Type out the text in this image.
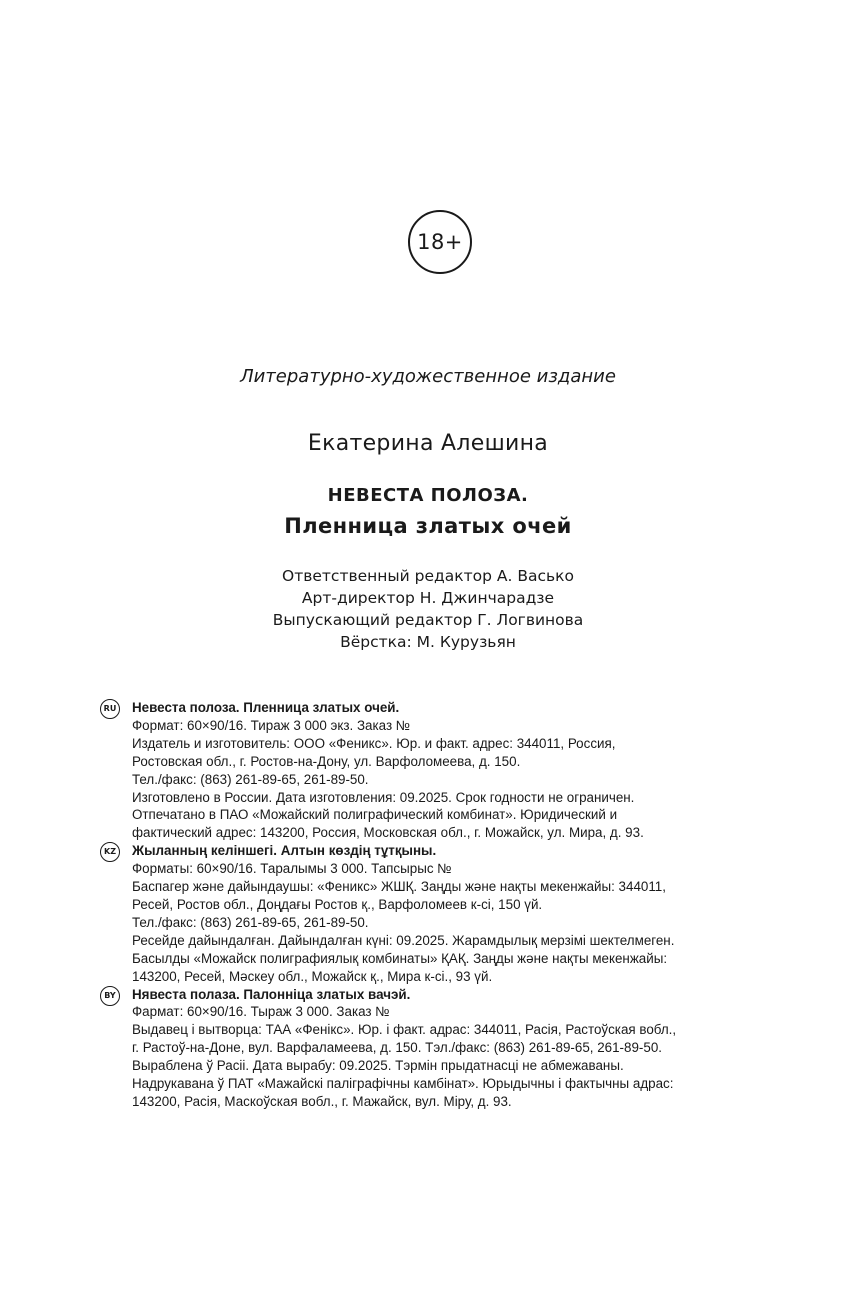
18+
Литературно-художественное издание
Екатерина Алешина
НЕВЕСТА ПОЛОЗА.
Пленница златых очей
Ответственный редактор А. Васько
Арт-директор Н. Джинчарадзе
Выпускающий редактор Г. Логвинова
Вёрстка: М. Курузьян
RU Невеста полоза. Пленница златых очей.
Формат: 60×90/16. Тираж 3 000 экз. Заказ №
Издатель и изготовитель: ООО «Феникс». Юр. и факт. адрес: 344011, Россия,
Ростовская обл., г. Ростов-на-Дону, ул. Варфоломеева, д. 150.
Тел./факс: (863) 261-89-65, 261-89-50.
Изготовлено в России. Дата изготовления: 09.2025. Срок годности не ограничен.
Отпечатано в ПАО «Можайский полиграфический комбинат». Юридический и
фактический адрес: 143200, Россия, Московская обл., г. Можайск, ул. Мира, д. 93.
KZ Жыланның келіншегі. Алтын көздің тұтқыны.
Форматы: 60×90/16. Таралымы 3 000. Тапсырыс №
Баспагер және дайындаушы: «Феникс» ЖШҚ. Заңды және нақты мекенжайы: 344011,
Ресей, Ростов обл., Доңдағы Ростов қ., Варфоломеев к-сі, 150 үй.
Тел./факс: (863) 261-89-65, 261-89-50.
Ресейде дайындалған. Дайындалған күні: 09.2025. Жарамдылық мерзімі шектелмеген.
Басылды «Можайск полиграфиялық комбинаты» ҚАҚ. Заңды және нақты мекенжайы:
143200, Ресей, Мәскеу обл., Можайск қ., Мира к-сі., 93 үй.
BY	Нявеста полаза. Палонніца златых вачэй.
Фармат: 60×90/16. Тыраж 3 000. Заказ №
Выдавец і вытворца: ТАА «Фенікс». Юр. і факт. адрас: 344011, Расія, Растоўская вобл.,
г. Растоў-на-Доне, вул. Варфаламеева, д. 150. Тэл./факс: (863) 261-89-65, 261-89-50.
Выраблена ў Расіі. Дата вырабу: 09.2025. Тэрмін прыдатнасці не абмежаваны.
Надрукавана ў ПАТ «Мажайскі паліграфічны камбінат». Юрыдычны і фактычны адрас:
143200, Расія, Маскоўская вобл., г. Мажайск, вул. Міру, д. 93.
